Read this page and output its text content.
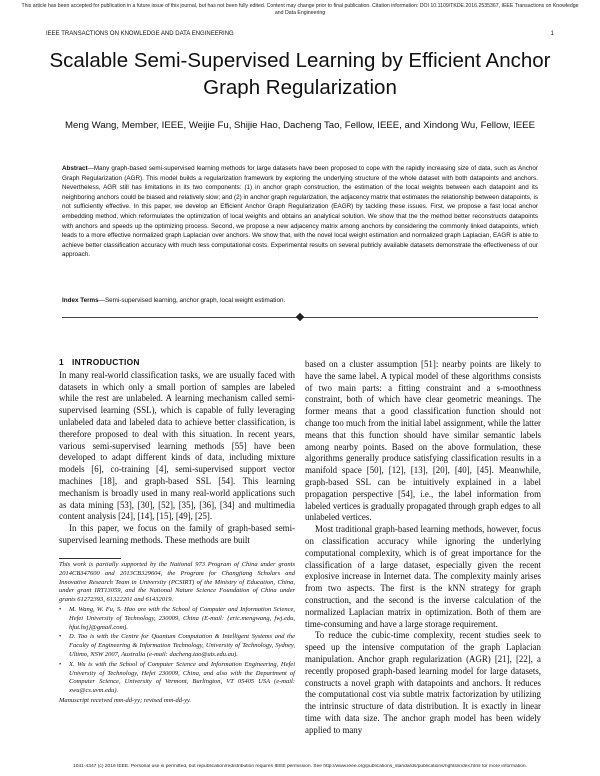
This article has been accepted for publication in a future issue of this journal, but has not been fully edited. Content may change prior to final publication. Citation information: DOI 10.1109/TKDE.2016.2535367, IEEE Transactions on Knowledge and Data Engineering
IEEE TRANSACTIONS ON KNOWLEDGE AND DATA ENGINEERING	1
Scalable Semi-Supervised Learning by Efficient Anchor Graph Regularization
Meng Wang, Member, IEEE, Weijie Fu, Shijie Hao, Dacheng Tao, Fellow, IEEE, and Xindong Wu, Fellow, IEEE
Abstract—Many graph-based semi-supervised learning methods for large datasets have been proposed to cope with the rapidly increasing size of data, such as Anchor Graph Regularization (AGR). This model builds a regularization framework by exploring the underlying structure of the whole dataset with both datapoints and anchors. Nevertheless, AGR still has limitations in its two components: (1) in anchor graph construction, the estimation of the local weights between each datapoint and its neighboring anchors could be biased and relatively slow; and (2) in anchor graph regularization, the adjacency matrix that estimates the relationship between datapoints, is not sufficiently effective. In this paper, we develop an Efficient Anchor Graph Regularization (EAGR) by tackling these issues. First, we propose a fast local anchor embedding method, which reformulates the optimization of local weights and obtains an analytical solution. We show that the the method better reconstructs datapoints with anchors and speeds up the optimizing process. Second, we propose a new adjacency matrix among anchors by considering the commonly linked datapoints, which leads to a more effective normalized graph Laplacian over anchors. We show that, with the novel local weight estimation and normalized graph Laplacian, EAGR is able to achieve better classification accuracy with much less computational costs. Experimental results on several publicly available datasets demonstrate the effectiveness of our approach.
Index Terms—Semi-supervised learning, anchor graph, local weight estimation.
1 INTRODUCTION

In many real-world classification tasks, we are usually faced with datasets in which only a small portion of samples are labeled while the rest are unlabeled. A learning mechanism called semi-supervised learning (SSL), which is capable of fully leveraging unlabeled data and labeled data to achieve better classification, is therefore proposed to deal with this situation. In recent years, various semi-supervised learning methods [55] have been developed to adapt different kinds of data, including mixture models [6], co-training [4], semi-supervised support vector machines [18], and graph-based SSL [54]. This learning mechanism is broadly used in many real-world applications such as data mining [53], [30], [52], [35], [36], [34] and multimedia content analysis [24], [14], [15], [49], [25].

In this paper, we focus on the family of graph-based semi-supervised learning methods. These methods are built

based on a cluster assumption [51]: nearby points are likely to have the same label. A typical model of these algorithms consists of two main parts: a fitting constraint and a s-moothness constraint, both of which have clear geometric meanings. The former means that a good classification function should not change too much from the initial label assignment, while the latter means that this function should have similar semantic labels among nearby points. Based on the above formulation, these algorithms generally produce satisfying classification results in a manifold space [50], [12], [13], [20], [40], [45]. Meanwhile, graph-based SSL can be intuitively explained in a label propagation perspective [54], i.e., the label information from labeled vertices is gradually propagated through graph edges to all unlabeled vertices.

Most traditional graph-based learning methods, however, focus on classification accuracy while ignoring the underlying computational complexity, which is of great importance for the classification of a large dataset, especially given the recent explosive increase in Internet data. The complexity mainly arises from two aspects. The first is the kNN strategy for graph construction, and the second is the inverse calculation of the normalized Laplacian matrix in optimization. Both of them are time-consuming and have a large storage requirement.

To reduce the cubic-time complexity, recent studies seek to speed up the intensive computation of the graph Laplacian manipulation. Anchor graph regularization (AGR) [21], [22], a recently proposed graph-based learning model for large datasets, constructs a novel graph with datapoints and anchors. It reduces the computational cost via subtle matrix factorization by utilizing the intrinsic structure of data distribution. It is exactly in linear time with data size. The anchor graph model has been widely applied to many

This work is partially supported by the National 973 Program of China under grants 2014CB347600 and 2013CB329604, the Program for Changjiang Scholars and Innovative Research Team in University (PCSIRT) of the Ministry of Education, China, under grant IRT13059, and the National Nature Science Foundation of China under grants 61272393, 61322201 and 61432019.
• M. Wang, W. Fu, S. Hao are with the School of Computer and Information Science, Hefei University of Technology, 230009, China (E-mail: {eric.mengwang, fwj.edu, hfut.hsj}@gmail.com).
• D. Tao is with the Centre for Quantum Computation & Intelligent Systems and the Faculty of Engineering & Information Technology, University of Technology, Sydney, Ultimo, NSW 2007, Australia (e-mail: dacheng.tao@uts.edu.au).
• X. Wu is with the School of Computer Science and Information Engineering, Hefei University of Technology, Hefei 230009, China, and also with the Department of Computer Science, University of Vermont, Burlington, VT 05405 USA (e-mail: xwu@cs.uvm.edu).
Manuscript received mm-dd-yy; revised mm-dd-yy.
1041-4347 (c) 2016 IEEE. Personal use is permitted, but republication/redistribution requires IEEE permission. See http://www.ieee.org/publications_standards/publications/rights/index.html for more information.
